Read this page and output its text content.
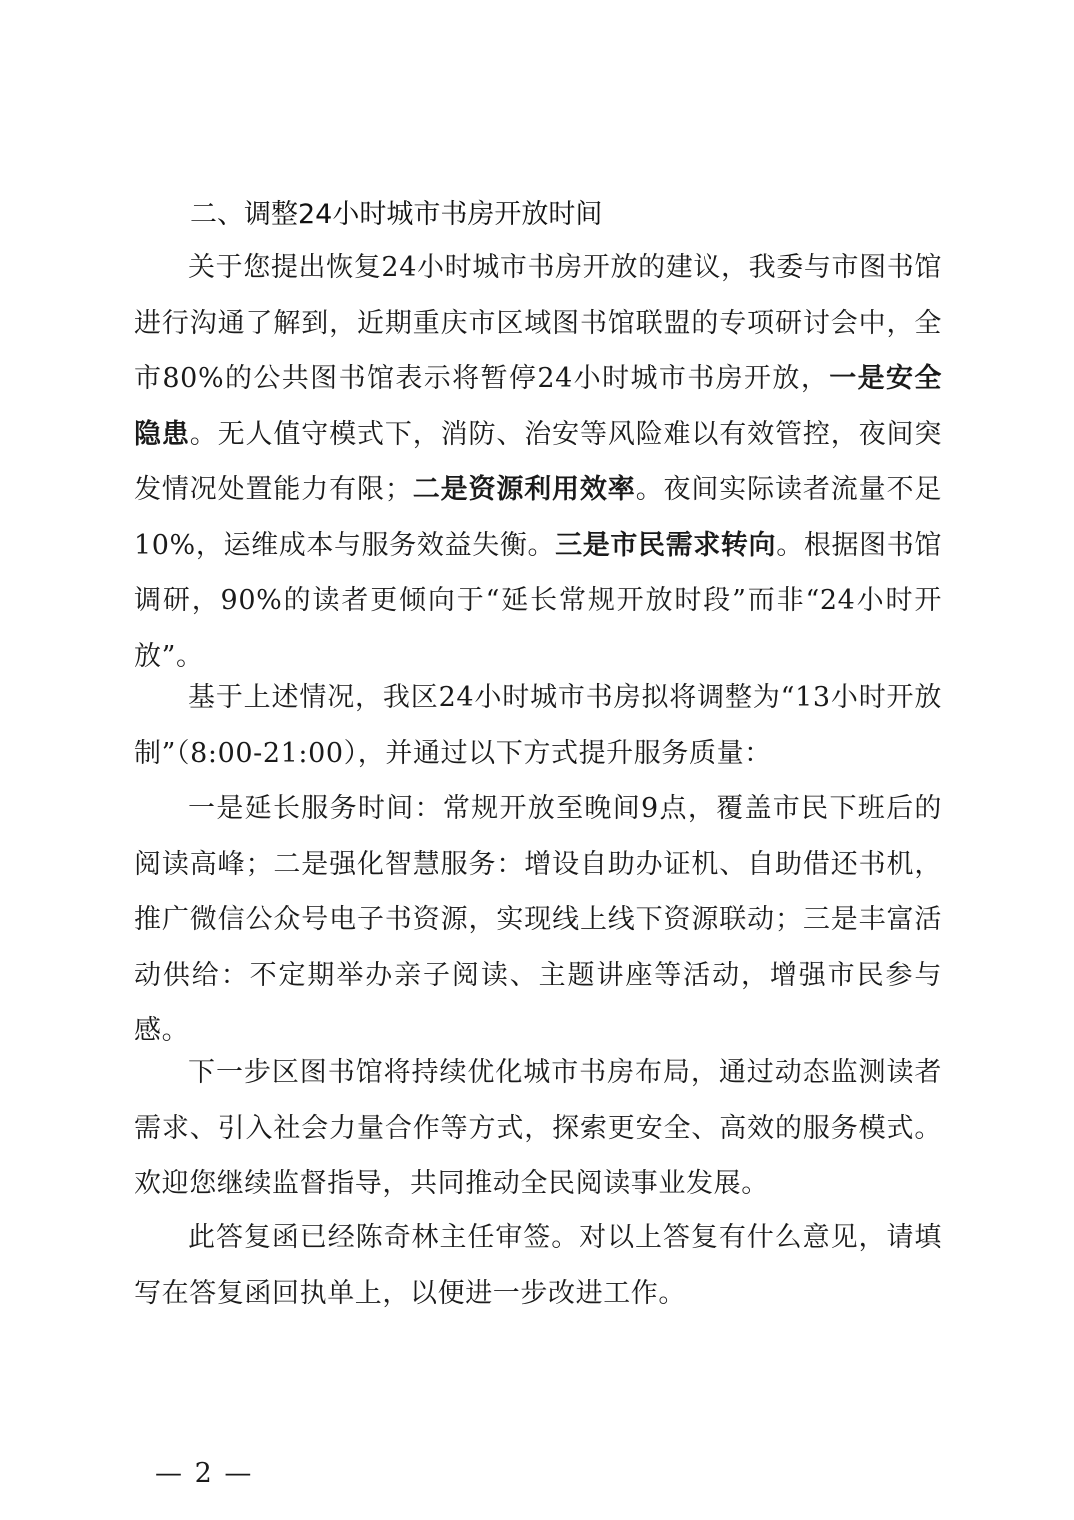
二、调整24小时城市书房开放时间
关于您提出恢复24小时城市书房开放的建议，我委与市图书馆进行沟通了解到，近期重庆市区域图书馆联盟的专项研讨会中，全市80%的公共图书馆表示将暂停24小时城市书房开放，一是安全隐患。无人值守模式下，消防、治安等风险难以有效管控，夜间突发情况处置能力有限；二是资源利用效率。夜间实际读者流量不足10%，运维成本与服务效益失衡。三是市民需求转向。根据图书馆调研，90%的读者更倾向于“延长常规开放时段”而非“24小时开放”。
基于上述情况，我区24小时城市书房拟将调整为“13小时开放制”（8:00-21:00），并通过以下方式提升服务质量：
一是延长服务时间：常规开放至晚间9点，覆盖市民下班后的阅读高峰；二是强化智慧服务：增设自助办证机、自助借还书机，推广微信公众号电子书资源，实现线上线下资源联动；三是丰富活动供给：不定期举办亲子阅读、主题讲座等活动，增强市民参与感。
下一步区图书馆将持续优化城市书房布局，通过动态监测读者需求、引入社会力量合作等方式，探索更安全、高效的服务模式。欢迎您继续监督指导，共同推动全民阅读事业发展。
此答复函已经陈奇林主任审签。对以上答复有什么意见，请填写在答复函回执单上，以便进一步改进工作。
— 2 —
